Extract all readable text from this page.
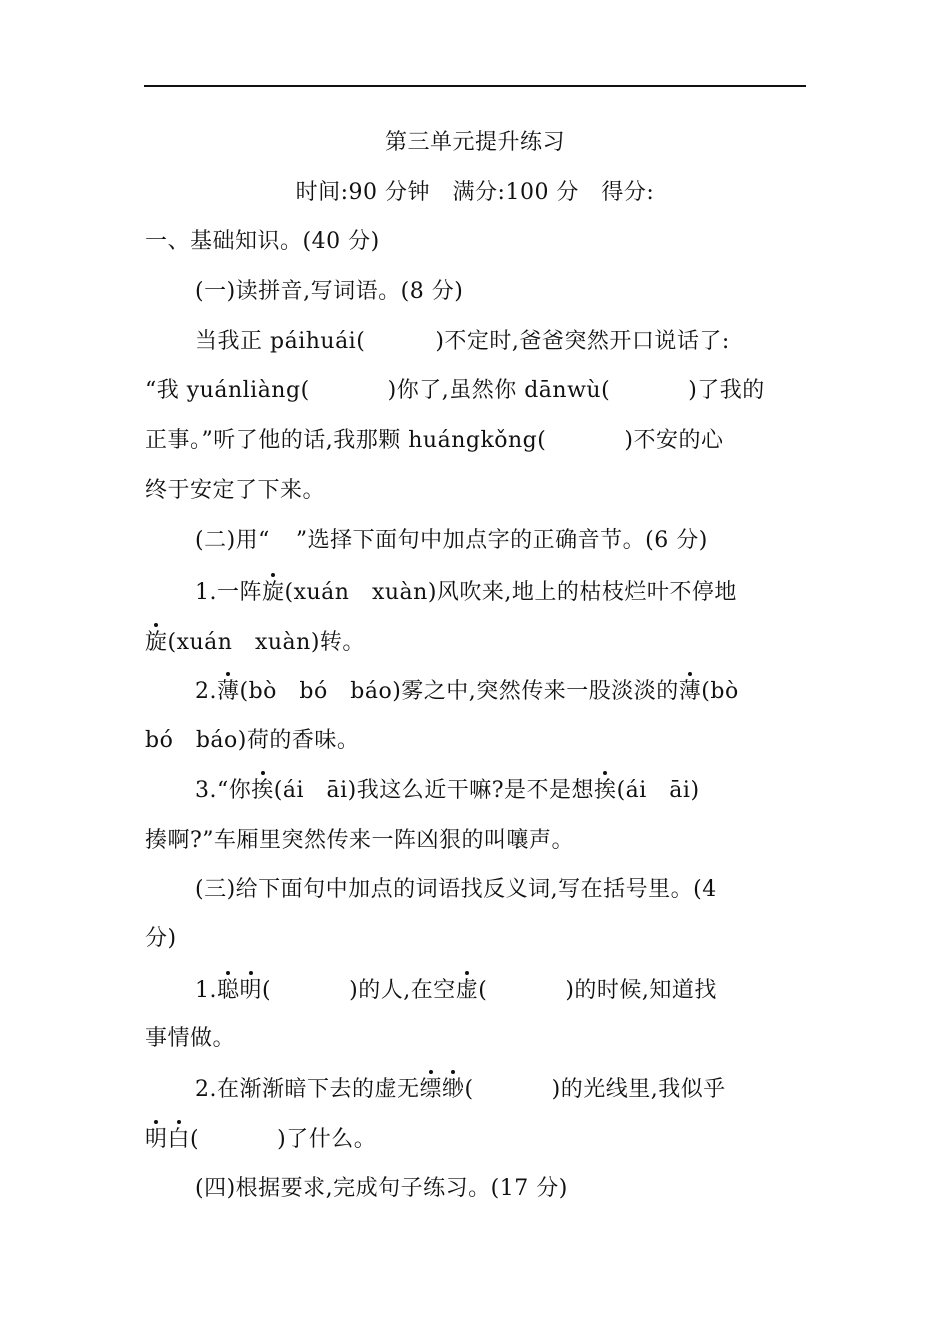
第三单元提升练习
时间:90 分钟　满分:100 分　得分:
一、基础知识。(40 分)
(一)读拼音,写词语。(8 分)
当我正 páihuái(	)不定时,爸爸突然开口说话了:
“我 yuánliàng(	)你了,虽然你 dānwù(	)了我的
正事。”听了他的话,我那颗 huángkǒng(	)不安的心
终于安定了下来。
(二)用“ ”选择下面句中加点字的正确音节。(6 分)
1.一阵旋(xuán　xuàn)风吹来,地上的枯枝烂叶不停地
旋(xuán　xuàn)转。
2.薄(bò　bó　báo)雾之中,突然传来一股淡淡的薄(bò
bó　báo)荷的香味。
3.“你挨(ái　āi)我这么近干嘛?是不是想挨(ái　āi)
揍啊?”车厢里突然传来一阵凶狠的叫嚷声。
(三)给下面句中加点的词语找反义词,写在括号里。(4
分)
1.聪明(	)的人,在空虚(	)的时候,知道找
事情做。
2.在渐渐暗下去的虚无缥缈(	)的光线里,我似乎
明白(	)了什么。
(四)根据要求,完成句子练习。(17 分)
